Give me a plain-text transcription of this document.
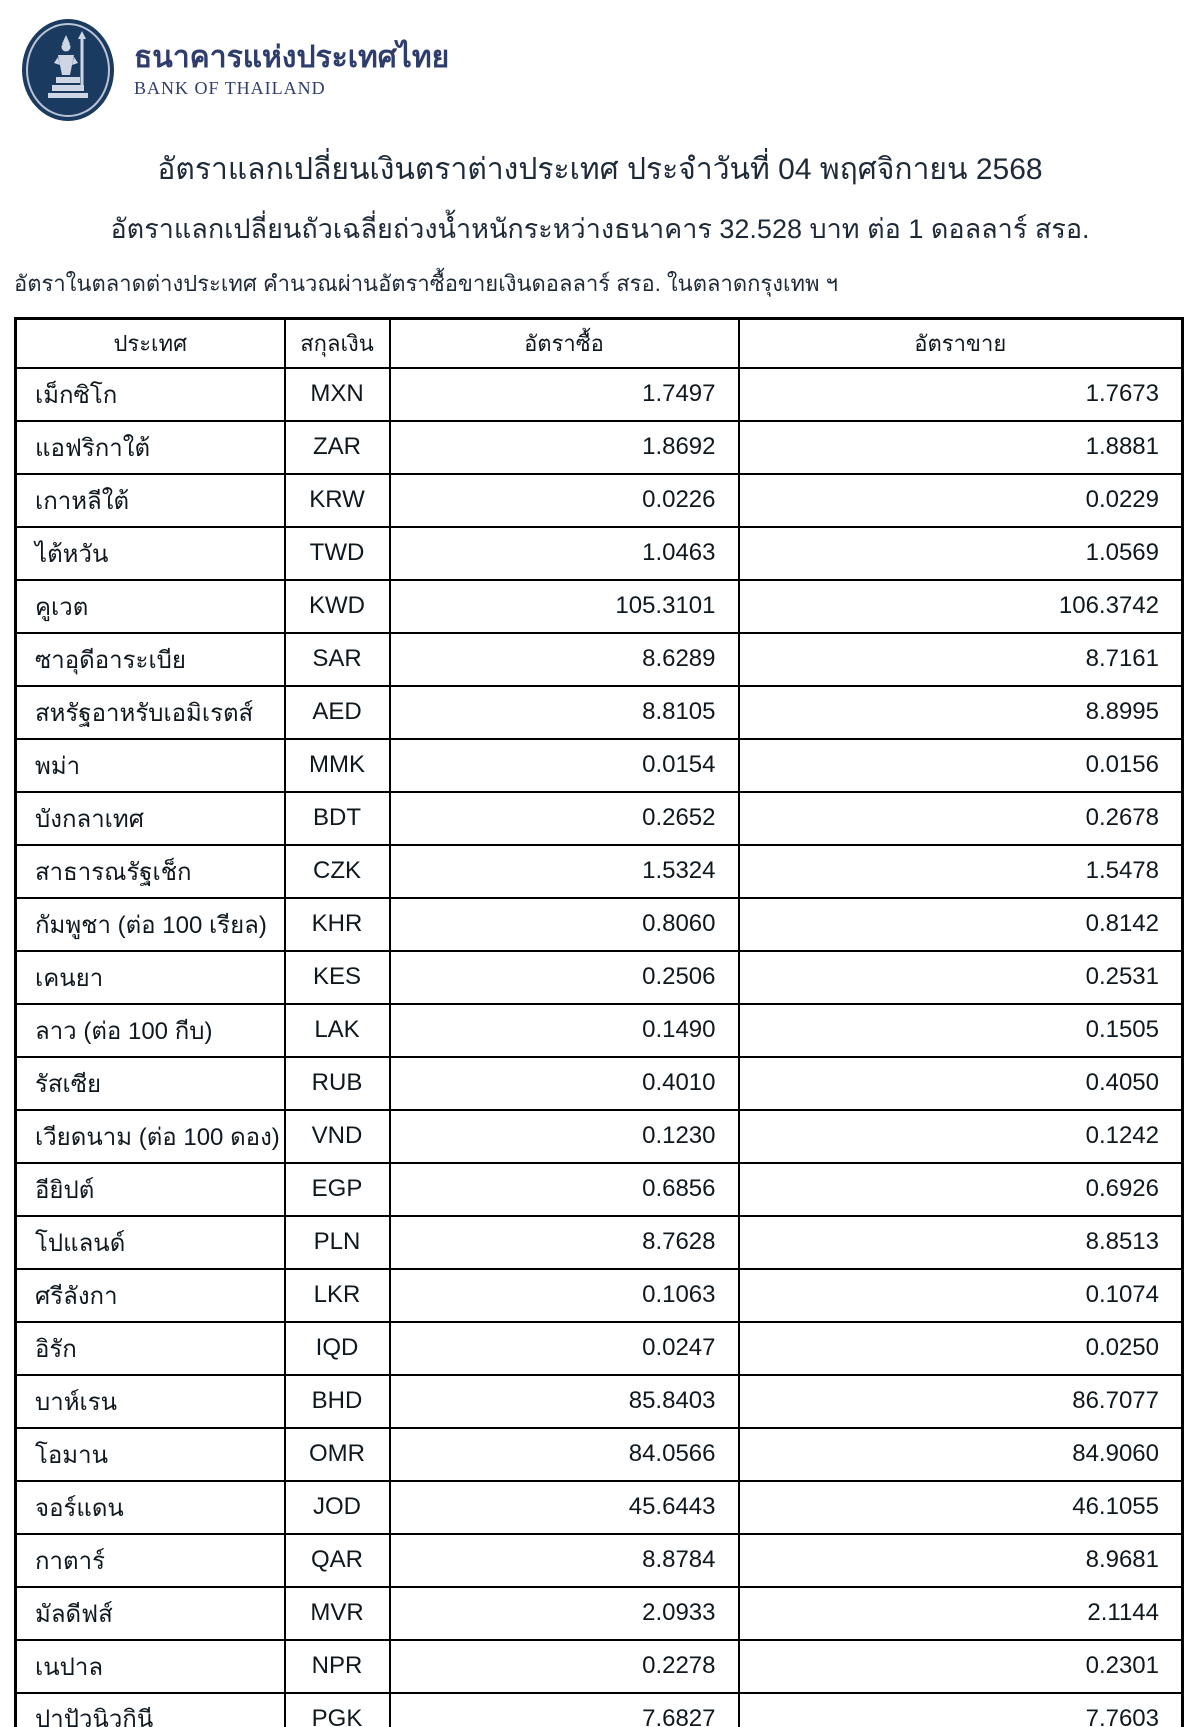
ธนาคารแห่งประเทศไทย
BANK OF THAILAND
อัตราแลกเปลี่ยนเงินตราต่างประเทศ ประจำวันที่ 04 พฤศจิกายน 2568
อัตราแลกเปลี่ยนถัวเฉลี่ยถ่วงน้ำหนักระหว่างธนาคาร 32.528 บาท ต่อ 1 ดอลลาร์ สรอ.
อัตราในตลาดต่างประเทศ คำนวณผ่านอัตราซื้อขายเงินดอลลาร์ สรอ. ในตลาดกรุงเทพ ฯ
ประเทศ	สกุลเงิน	อัตราซื้อ	อัตราขาย
เม็กซิโก	MXN	1.7497	1.7673
แอฟริกาใต้	ZAR	1.8692	1.8881
เกาหลีใต้	KRW	0.0226	0.0229
ไต้หวัน	TWD	1.0463	1.0569
คูเวต	KWD	105.3101	106.3742
ซาอุดีอาระเบีย	SAR	8.6289	8.7161
สหรัฐอาหรับเอมิเรตส์	AED	8.8105	8.8995
พม่า	MMK	0.0154	0.0156
บังกลาเทศ	BDT	0.2652	0.2678
สาธารณรัฐเช็ก	CZK	1.5324	1.5478
กัมพูชา (ต่อ 100 เรียล)	KHR	0.8060	0.8142
เคนยา	KES	0.2506	0.2531
ลาว (ต่อ 100 กีบ)	LAK	0.1490	0.1505
รัสเซีย	RUB	0.4010	0.4050
เวียดนาม (ต่อ 100 ดอง)	VND	0.1230	0.1242
อียิปต์	EGP	0.6856	0.6926
โปแลนด์	PLN	8.7628	8.8513
ศรีลังกา	LKR	0.1063	0.1074
อิรัก	IQD	0.0247	0.0250
บาห์เรน	BHD	85.8403	86.7077
โอมาน	OMR	84.0566	84.9060
จอร์แดน	JOD	45.6443	46.1055
กาตาร์	QAR	8.8784	8.9681
มัลดีฟส์	MVR	2.0933	2.1144
เนปาล	NPR	0.2278	0.2301
ปาปัวนิวกินี	PGK	7.6827	7.7603
